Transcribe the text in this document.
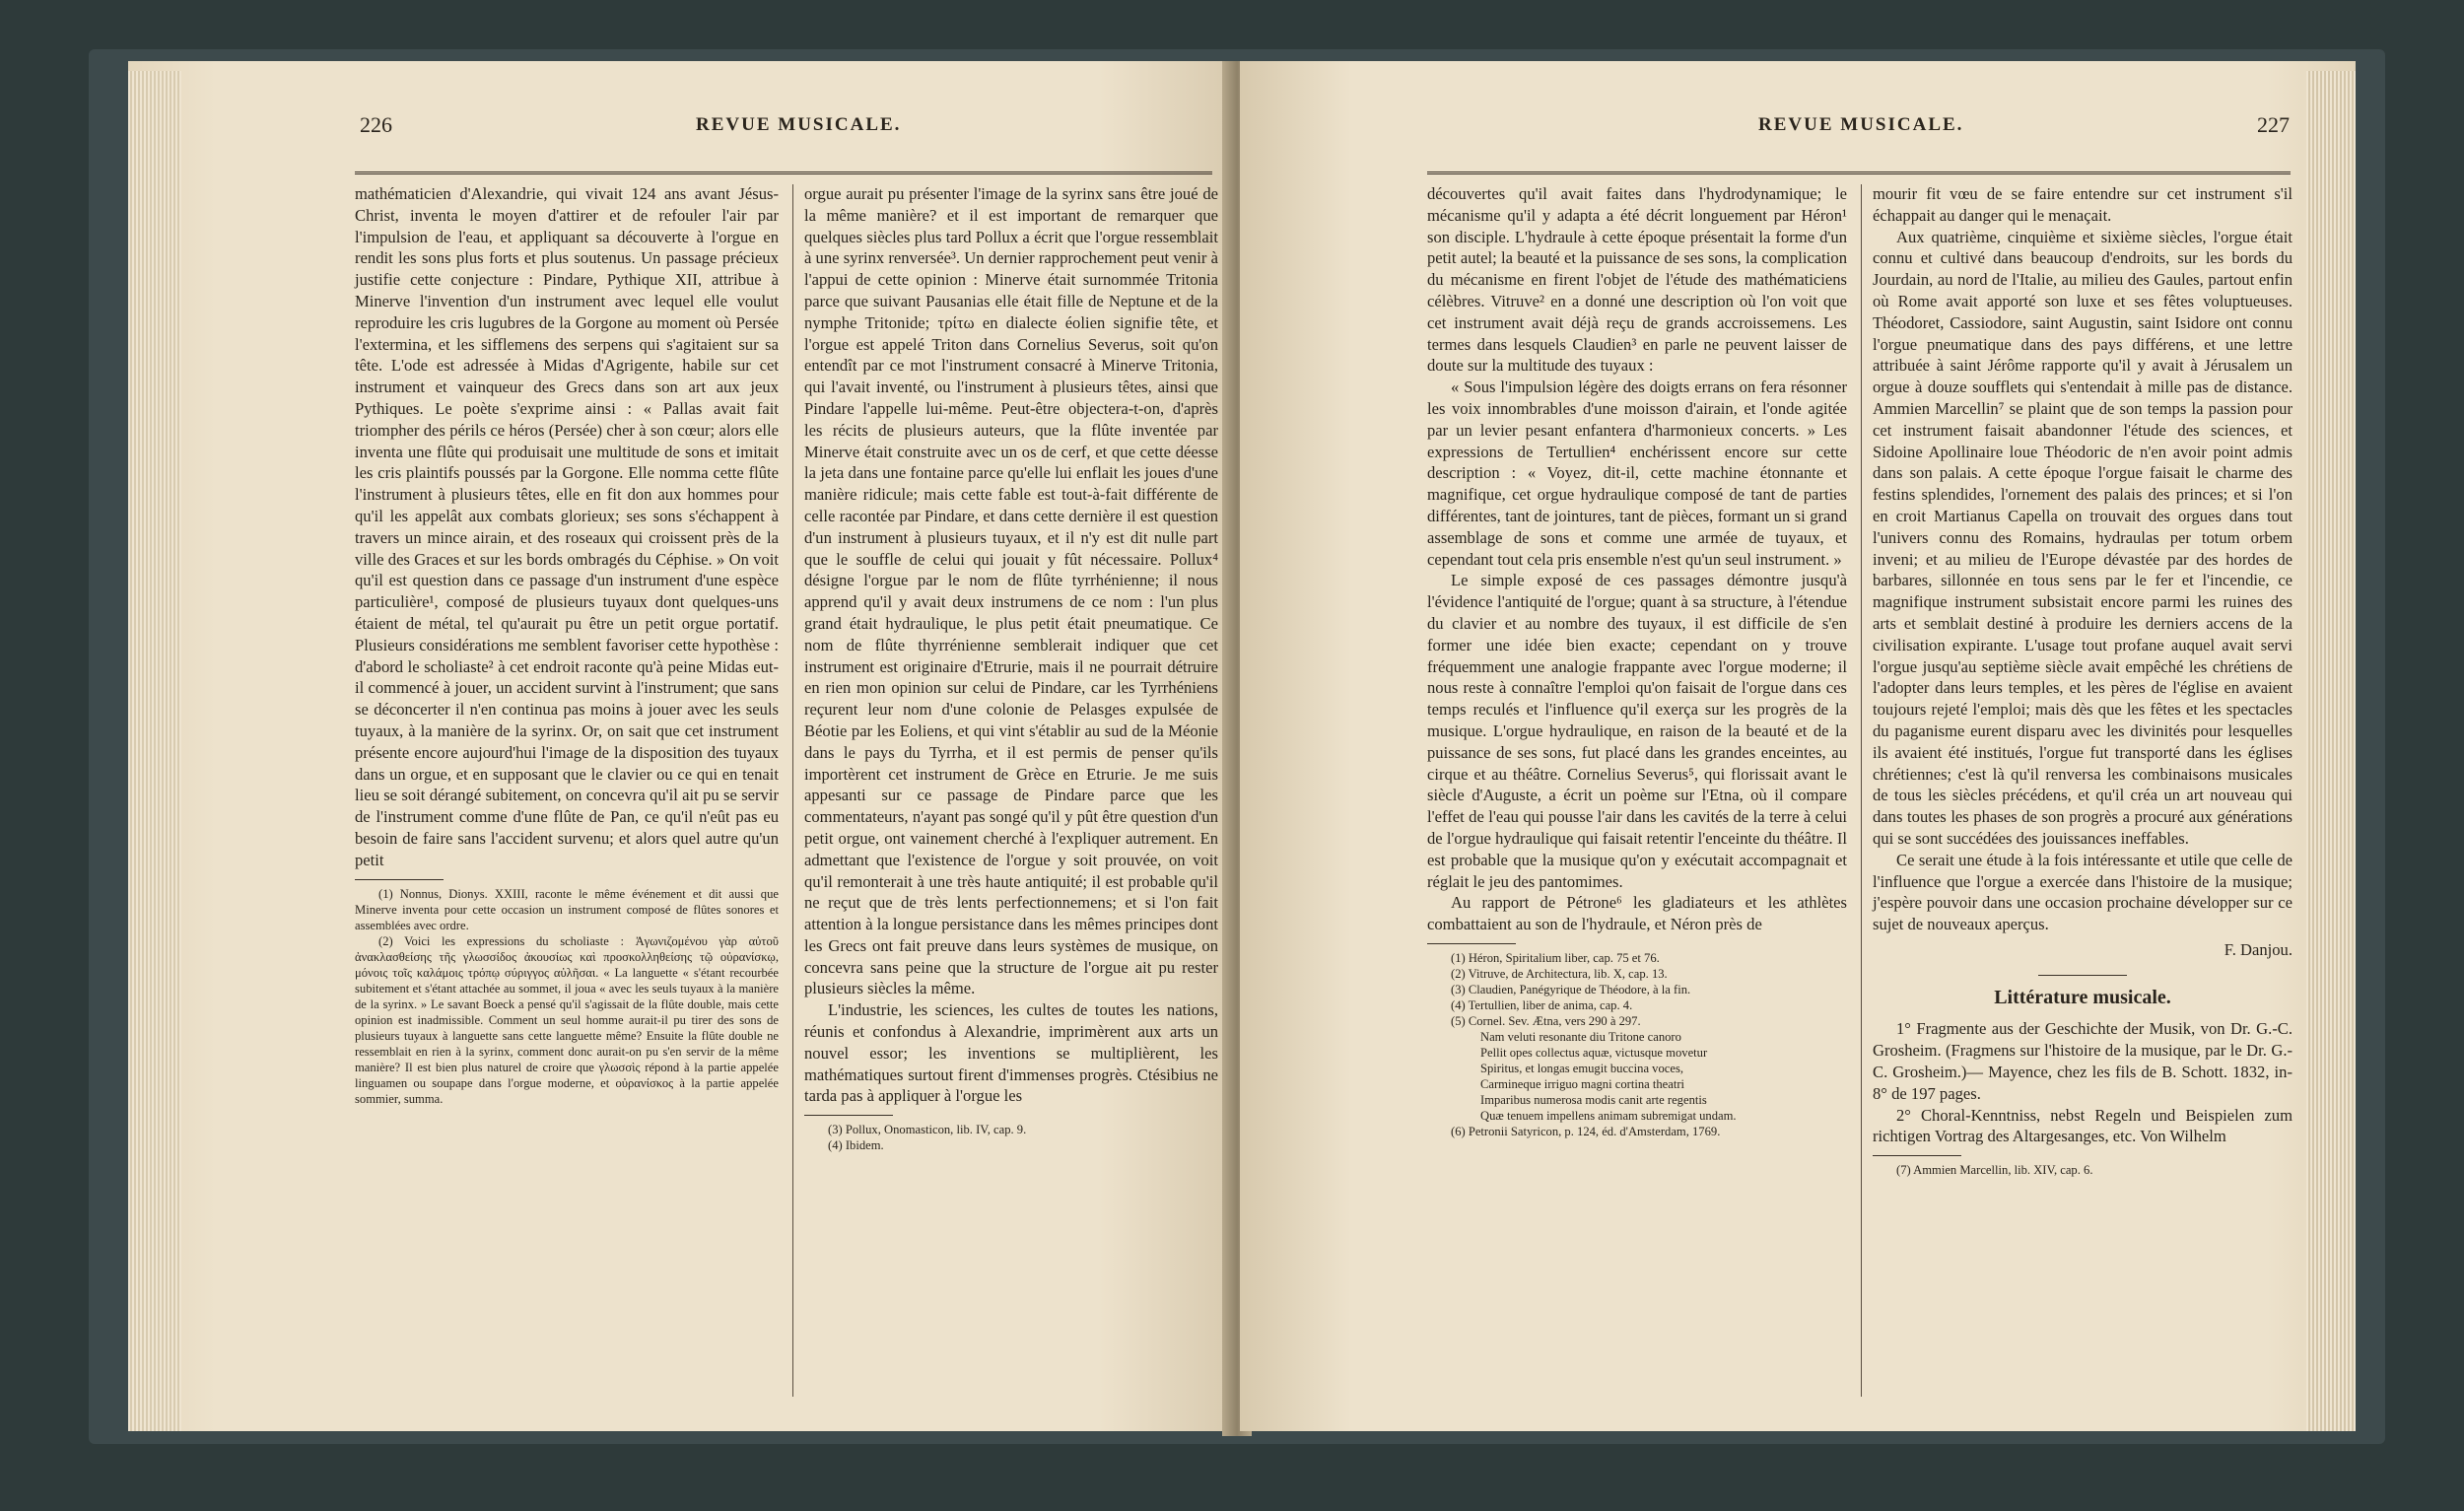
226	REVUE MUSICALE.

mathématicien d'Alexandrie, qui vivait 124 ans avant Jésus-Christ, inventa le moyen d'attirer et de refouler l'air par l'impulsion de l'eau, et appliquant sa découverte à l'orgue en rendit les sons plus forts et plus soutenus. Un passage précieux justifie cette conjecture : Pindare, Pythique XII, attribue à Minerve l'invention d'un instrument avec lequel elle voulut reproduire les cris lugubres de la Gorgone au moment où Persée l'extermina, et les sifflemens des serpens qui s'agitaient sur sa tête. L'ode est adressée à Midas d'Agrigente, habile sur cet instrument et vainqueur des Grecs dans son art aux jeux Pythiques. Le poète s'exprime ainsi : « Pallas avait fait triompher des périls ce héros (Persée) cher à son cœur; alors elle inventa une flûte qui produisait une multitude de sons et imitait les cris plaintifs poussés par la Gorgone. Elle nomma cette flûte l'instrument à plusieurs têtes, elle en fit don aux hommes pour qu'il les appelât aux combats glorieux; ses sons s'échappent à travers un mince airain, et des roseaux qui croissent près de la ville des Graces et sur les bords ombragés du Céphise. » On voit qu'il est question dans ce passage d'un instrument d'une espèce particulière¹, composé de plusieurs tuyaux dont quelques-uns étaient de métal, tel qu'aurait pu être un petit orgue portatif. Plusieurs considérations me semblent favoriser cette hypothèse : d'abord le scholiaste² à cet endroit raconte qu'à peine Midas eut-il commencé à jouer, un accident survint à l'instrument; que sans se déconcerter il n'en continua pas moins à jouer avec les seuls tuyaux, à la manière de la syrinx. Or, on sait que cet instrument présente encore aujourd'hui l'image de la disposition des tuyaux dans un orgue, et en supposant que le clavier ou ce qui en tenait lieu se soit dérangé subitement, on concevra qu'il ait pu se servir de l'instrument comme d'une flûte de Pan, ce qu'il n'eût pas eu besoin de faire sans l'accident survenu; et alors quel autre qu'un petit

(1) Nonnus, Dionys. XXIII, raconte le même événement et dit aussi que Minerve inventa pour cette occasion un instrument composé de flûtes sonores et assemblées avec ordre.

(2) Voici les expressions du scholiaste : Ἀγωνιζομένου γὰρ αὐτοῦ ἀνακλασθείσης τῆς γλωσσίδος ἀκουσίως καὶ προσκολληθείσης τῷ οὐρανίσκῳ, μόνοις τοῖς καλάμοις τρόπῳ σύριγγος αὐλῆσαι. « La languette « s'étant recourbée subitement et s'étant attachée au sommet, il joua « avec les seuls tuyaux à la manière de la syrinx. » Le savant Boeck a pensé qu'il s'agissait de la flûte double, mais cette opinion est inadmissible. Comment un seul homme aurait-il pu tirer des sons de plusieurs tuyaux à languette sans cette languette même? Ensuite la flûte double ne ressemblait en rien à la syrinx, comment donc aurait-on pu s'en servir de la même manière? Il est bien plus naturel de croire que γλωσσὶς répond à la partie appelée linguamen ou soupape dans l'orgue moderne, et οὐρανίσκος à la partie appelée sommier, summa.

orgue aurait pu présenter l'image de la syrinx sans être joué de la même manière? et il est important de remarquer que quelques siècles plus tard Pollux a écrit que l'orgue ressemblait à une syrinx renversée³. Un dernier rapprochement peut venir à l'appui de cette opinion : Minerve était surnommée Tritonia parce que suivant Pausanias elle était fille de Neptune et de la nymphe Tritonide; τρίτω en dialecte éolien signifie tête, et l'orgue est appelé Triton dans Cornelius Severus, soit qu'on entendît par ce mot l'instrument consacré à Minerve Tritonia, qui l'avait inventé, ou l'instrument à plusieurs têtes, ainsi que Pindare l'appelle lui-même. Peut-être objectera-t-on, d'après les récits de plusieurs auteurs, que la flûte inventée par Minerve était construite avec un os de cerf, et que cette déesse la jeta dans une fontaine parce qu'elle lui enflait les joues d'une manière ridicule; mais cette fable est tout-à-fait différente de celle racontée par Pindare, et dans cette dernière il est question d'un instrument à plusieurs tuyaux, et il n'y est dit nulle part que le souffle de celui qui jouait y fût nécessaire. Pollux⁴ désigne l'orgue par le nom de flûte tyrrhénienne; il nous apprend qu'il y avait deux instrumens de ce nom : l'un plus grand était hydraulique, le plus petit était pneumatique. Ce nom de flûte thyrrénienne semblerait indiquer que cet instrument est originaire d'Etrurie, mais il ne pourrait détruire en rien mon opinion sur celui de Pindare, car les Tyrrhéniens reçurent leur nom d'une colonie de Pelasges expulsée de Béotie par les Eoliens, et qui vint s'établir au sud de la Méonie dans le pays du Tyrrha, et il est permis de penser qu'ils importèrent cet instrument de Grèce en Etrurie. Je me suis appesanti sur ce passage de Pindare parce que les commentateurs, n'ayant pas songé qu'il y pût être question d'un petit orgue, ont vainement cherché à l'expliquer autrement. En admettant que l'existence de l'orgue y soit prouvée, on voit qu'il remonterait à une très haute antiquité; il est probable qu'il ne reçut que de très lents perfectionnemens; et si l'on fait attention à la longue persistance dans les mêmes principes dont les Grecs ont fait preuve dans leurs systèmes de musique, on concevra sans peine que la structure de l'orgue ait pu rester plusieurs siècles la même.

L'industrie, les sciences, les cultes de toutes les nations, réunis et confondus à Alexandrie, imprimèrent aux arts un nouvel essor; les inventions se multiplièrent, les mathématiques surtout firent d'immenses progrès. Ctésibius ne tarda pas à appliquer à l'orgue les

(3) Pollux, Onomasticon, lib. IV, cap. 9.

(4) Ibidem.

REVUE MUSICALE.	227

découvertes qu'il avait faites dans l'hydrodynamique; le mécanisme qu'il y adapta a été décrit longuement par Héron¹ son disciple. L'hydraule à cette époque présentait la forme d'un petit autel; la beauté et la puissance de ses sons, la complication du mécanisme en firent l'objet de l'étude des mathématiciens célèbres. Vitruve² en a donné une description où l'on voit que cet instrument avait déjà reçu de grands accroissemens. Les termes dans lesquels Claudien³ en parle ne peuvent laisser de doute sur la multitude des tuyaux :

« Sous l'impulsion légère des doigts errans on fera résonner les voix innombrables d'une moisson d'airain, et l'onde agitée par un levier pesant enfantera d'harmonieux concerts. » Les expressions de Tertullien⁴ enchérissent encore sur cette description : « Voyez, dit-il, cette machine étonnante et magnifique, cet orgue hydraulique composé de tant de parties différentes, tant de jointures, tant de pièces, formant un si grand assemblage de sons et comme une armée de tuyaux, et cependant tout cela pris ensemble n'est qu'un seul instrument. »

Le simple exposé de ces passages démontre jusqu'à l'évidence l'antiquité de l'orgue; quant à sa structure, à l'étendue du clavier et au nombre des tuyaux, il est difficile de s'en former une idée bien exacte; cependant on y trouve fréquemment une analogie frappante avec l'orgue moderne; il nous reste à connaître l'emploi qu'on faisait de l'orgue dans ces temps reculés et l'influence qu'il exerça sur les progrès de la musique. L'orgue hydraulique, en raison de la beauté et de la puissance de ses sons, fut placé dans les grandes enceintes, au cirque et au théâtre. Cornelius Severus⁵, qui florissait avant le siècle d'Auguste, a écrit un poème sur l'Etna, où il compare l'effet de l'eau qui pousse l'air dans les cavités de la terre à celui de l'orgue hydraulique qui faisait retentir l'enceinte du théâtre. Il est probable que la musique qu'on y exécutait accompagnait et réglait le jeu des pantomimes.

Au rapport de Pétrone⁶ les gladiateurs et les athlètes combattaient au son de l'hydraule, et Néron près de

(1) Héron, Spiritalium liber, cap. 75 et 76.

(2) Vitruve, de Architectura, lib. X, cap. 13.

(3) Claudien, Panégyrique de Théodore, à la fin.

(4) Tertullien, liber de anima, cap. 4.

(5) Cornel. Sev. Ætna, vers 290 à 297.

Nam veluti resonante diu Tritone canoro

Pellit opes collectus aquæ, victusque movetur

Spiritus, et longas emugit buccina voces,

Carmineque irriguo magni cortina theatri

Imparibus numerosa modis canit arte regentis

Quæ tenuem impellens animam subremigat undam.

(6) Petronii Satyricon, p. 124, éd. d'Amsterdam, 1769.

mourir fit vœu de se faire entendre sur cet instrument s'il échappait au danger qui le menaçait.

Aux quatrième, cinquième et sixième siècles, l'orgue était connu et cultivé dans beaucoup d'endroits, sur les bords du Jourdain, au nord de l'Italie, au milieu des Gaules, partout enfin où Rome avait apporté son luxe et ses fêtes voluptueuses. Théodoret, Cassiodore, saint Augustin, saint Isidore ont connu l'orgue pneumatique dans des pays différens, et une lettre attribuée à saint Jérôme rapporte qu'il y avait à Jérusalem un orgue à douze soufflets qui s'entendait à mille pas de distance. Ammien Marcellin⁷ se plaint que de son temps la passion pour cet instrument faisait abandonner l'étude des sciences, et Sidoine Apollinaire loue Théodoric de n'en avoir point admis dans son palais. A cette époque l'orgue faisait le charme des festins splendides, l'ornement des palais des princes; et si l'on en croit Martianus Capella on trouvait des orgues dans tout l'univers connu des Romains, hydraulas per totum orbem inveni; et au milieu de l'Europe dévastée par des hordes de barbares, sillonnée en tous sens par le fer et l'incendie, ce magnifique instrument subsistait encore parmi les ruines des arts et semblait destiné à produire les derniers accens de la civilisation expirante. L'usage tout profane auquel avait servi l'orgue jusqu'au septième siècle avait empêché les chrétiens de l'adopter dans leurs temples, et les pères de l'église en avaient toujours rejeté l'emploi; mais dès que les fêtes et les spectacles du paganisme eurent disparu avec les divinités pour lesquelles ils avaient été institués, l'orgue fut transporté dans les églises chrétiennes; c'est là qu'il renversa les combinaisons musicales de tous les siècles précédens, et qu'il créa un art nouveau qui dans toutes les phases de son progrès a procuré aux générations qui se sont succédées des jouissances ineffables.

Ce serait une étude à la fois intéressante et utile que celle de l'influence que l'orgue a exercée dans l'histoire de la musique; j'espère pouvoir dans une occasion prochaine développer sur ce sujet de nouveaux aperçus.

F. Danjou.
Littérature musicale.

1° Fragmente aus der Geschichte der Musik, von Dr. G.-C. Grosheim. (Fragmens sur l'histoire de la musique, par le Dr. G.-C. Grosheim.)— Mayence, chez les fils de B. Schott. 1832, in-8° de 197 pages.

2° Choral-Kenntniss, nebst Regeln und Beispielen zum richtigen Vortrag des Altargesanges, etc. Von Wilhelm

(7) Ammien Marcellin, lib. XIV, cap. 6.
